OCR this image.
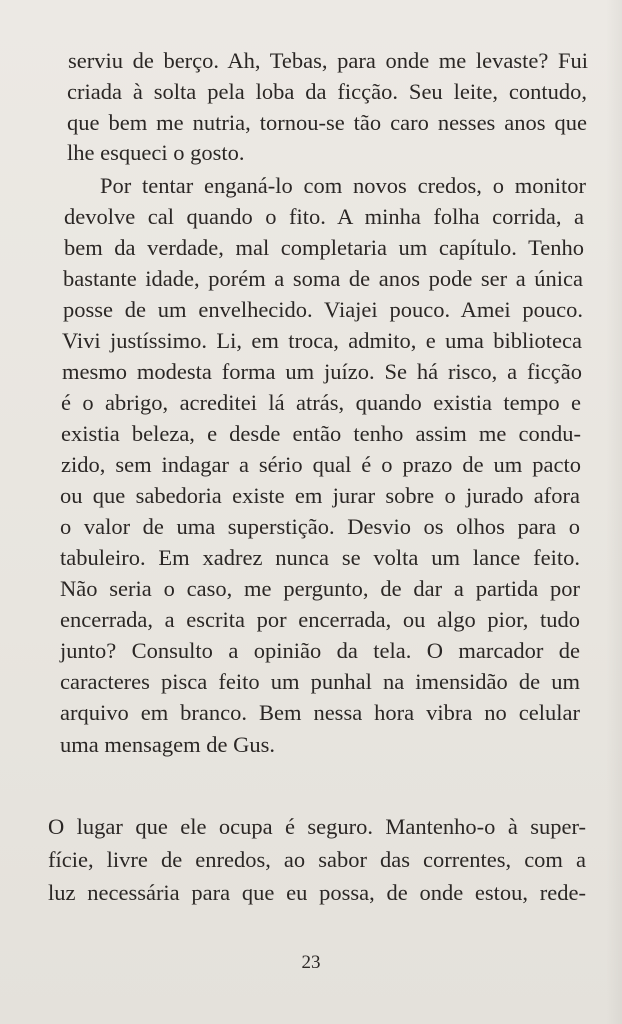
serviu de berço. Ah, Tebas, para onde me levaste? Fui
criada à solta pela loba da ficção. Seu leite, contudo,
que bem me nutria, tornou-se tão caro nesses anos que
lhe esqueci o gosto.
Por tentar enganá-lo com novos credos, o monitor
devolve cal quando o fito. A minha folha corrida, a
bem da verdade, mal completaria um capítulo. Tenho
bastante idade, porém a soma de anos pode ser a única
posse de um envelhecido. Viajei pouco. Amei pouco.
Vivi justíssimo. Li, em troca, admito, e uma biblioteca
mesmo modesta forma um juízo. Se há risco, a ficção
é o abrigo, acreditei lá atrás, quando existia tempo e
existia beleza, e desde então tenho assim me condu-
zido, sem indagar a sério qual é o prazo de um pacto
ou que sabedoria existe em jurar sobre o jurado afora
o valor de uma superstição. Desvio os olhos para o
tabuleiro. Em xadrez nunca se volta um lance feito.
Não seria o caso, me pergunto, de dar a partida por
encerrada, a escrita por encerrada, ou algo pior, tudo
junto? Consulto a opinião da tela. O marcador de
caracteres pisca feito um punhal na imensidão de um
arquivo em branco. Bem nessa hora vibra no celular
uma mensagem de Gus.
O lugar que ele ocupa é seguro. Mantenho-o à super-
fície, livre de enredos, ao sabor das correntes, com a
luz necessária para que eu possa, de onde estou, rede-
23
